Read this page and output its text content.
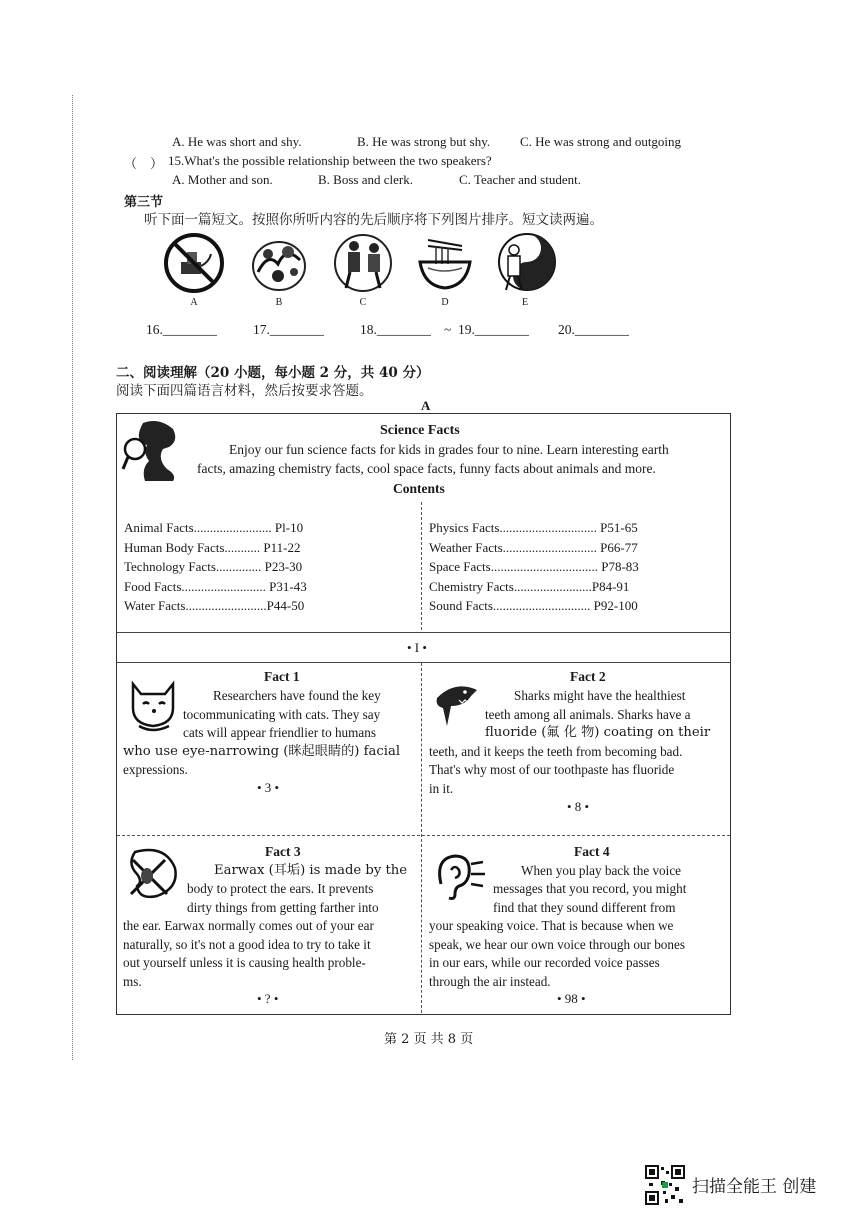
A. He was short and shy.	B. He was strong but shy. C. He was strong and outgoing
（　） 15.What's the possible relationship between the two speakers?
A. Mother and son.	B. Boss and clerk.	C. Teacher and student.
第三节
听下面一篇短文。按照你所听内容的先后顺序将下列图片排序。短文读两遍。
A	B	C	D	E
16.________	17.________	18.________ ~ 19.________ 20.________
二、阅读理解（20 小题，每小题 2 分，共 40 分）
阅读下面四篇语言材料，然后按要求答题。
A
Science Facts
Enjoy our fun science facts for kids in grades four to nine. Learn interesting earth
facts, amazing chemistry facts, cool space facts, funny facts about animals and more.
Contents
Animal Facts........................ Pl-10
Human Body Facts........... P11-22
Technology Facts.............. P23-30
Food Facts.......................... P31-43
Water Facts.........................P44-50
Physics Facts.............................. P51-65
Weather Facts............................. P66-77
Space Facts................................. P78-83
Chemistry Facts........................P84-91
Sound Facts.............................. P92-100
• I •
Fact 1
Researchers have found the key
tocommunicating with cats. They say
cats will appear friendlier to humans
who use eye-narrowing (眯起眼睛的) facial
expressions.
• 3 •
Fact 2
Sharks might have the healthiest
teeth among all animals. Sharks have a
fluoride (氟 化 物) coating on their
teeth, and it keeps the teeth from becoming bad.
That's why most of our toothpaste has fluoride
in it.
• 8 •
Fact 3
Earwax (耳垢) is made by the
body to protect the ears. It prevents
dirty things from getting farther into
the ear. Earwax normally comes out of your ear
naturally, so it's not a good idea to try to take it
out yourself unless it is causing health proble-
ms.
• ? •
Fact 4
When you play back the voice
messages that you record, you might
find that they sound different from
your speaking voice. That is because when we
speak, we hear our own voice through our bones
in our ears, while our recorded voice passes
through the air instead.
• 98 •
第 2 页 共 8 页
扫描全能王 创建
